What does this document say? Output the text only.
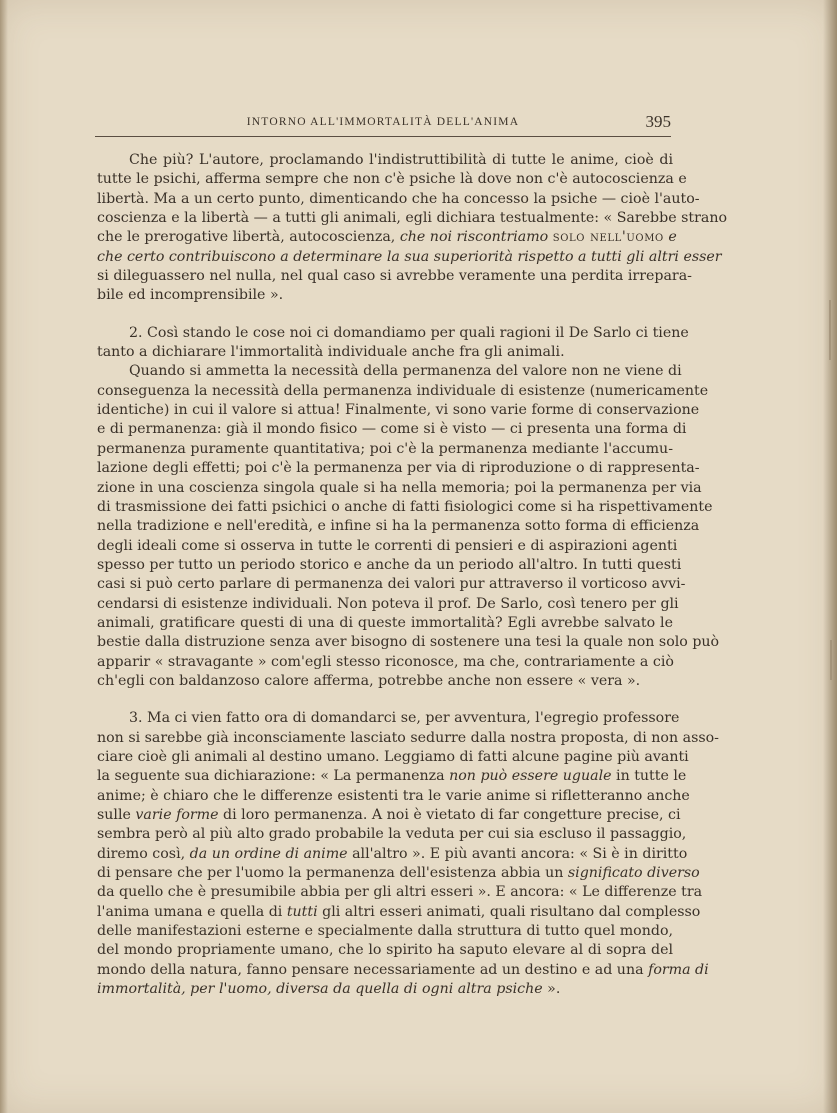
INTORNO ALL'IMMORTALITÀ DELL'ANIMA	395
Che più? L'autore, proclamando l'indistruttibilità di tutte le anime, cioè di
tutte le psichi, afferma sempre che non c'è psiche là dove non c'è autocoscienza e
libertà. Ma a un certo punto, dimenticando che ha concesso la psiche — cioè l'auto-
coscienza e la libertà — a tutti gli animali, egli dichiara testualmente: « Sarebbe strano
che le prerogative libertà, autocoscienza, che noi riscontriamo solo nell'uomo e
che certo contribuiscono a determinare la sua superiorità rispetto a tutti gli altri esser
si dileguassero nel nulla, nel qual caso si avrebbe veramente una perdita irrepara-
bile ed incomprensibile ».
2. Così stando le cose noi ci domandiamo per quali ragioni il De Sarlo ci tiene
tanto a dichiarare l'immortalità individuale anche fra gli animali.
Quando si ammetta la necessità della permanenza del valore non ne viene di
conseguenza la necessità della permanenza individuale di esistenze (numericamente
identiche) in cui il valore si attua! Finalmente, vi sono varie forme di conservazione
e di permanenza: già il mondo fisico — come si è visto — ci presenta una forma di
permanenza puramente quantitativa; poi c'è la permanenza mediante l'accumu-
lazione degli effetti; poi c'è la permanenza per via di riproduzione o di rappresenta-
zione in una coscienza singola quale si ha nella memoria; poi la permanenza per via
di trasmissione dei fatti psichici o anche di fatti fisiologici come si ha rispettivamente
nella tradizione e nell'eredità, e infine si ha la permanenza sotto forma di efficienza
degli ideali come si osserva in tutte le correnti di pensieri e di aspirazioni agenti
spesso per tutto un periodo storico e anche da un periodo all'altro. In tutti questi
casi si può certo parlare di permanenza dei valori pur attraverso il vorticoso avvi-
cendarsi di esistenze individuali. Non poteva il prof. De Sarlo, così tenero per gli
animali, gratificare questi di una di queste immortalità? Egli avrebbe salvato le
bestie dalla distruzione senza aver bisogno di sostenere una tesi la quale non solo può
apparir « stravagante » com'egli stesso riconosce, ma che, contrariamente a ciò
ch'egli con baldanzoso calore afferma, potrebbe anche non essere « vera ».
3. Ma ci vien fatto ora di domandarci se, per avventura, l'egregio professore
non si sarebbe già inconsciamente lasciato sedurre dalla nostra proposta, di non asso-
ciare cioè gli animali al destino umano. Leggiamo di fatti alcune pagine più avanti
la seguente sua dichiarazione: « La permanenza non può essere uguale in tutte le
anime; è chiaro che le differenze esistenti tra le varie anime si rifletteranno anche
sulle varie forme di loro permanenza. A noi è vietato di far congetture precise, ci
sembra però al più alto grado probabile la veduta per cui sia escluso il passaggio,
diremo così, da un ordine di anime all'altro ». E più avanti ancora: « Si è in diritto
di pensare che per l'uomo la permanenza dell'esistenza abbia un significato diverso
da quello che è presumibile abbia per gli altri esseri ». E ancora: « Le differenze tra
l'anima umana e quella di tutti gli altri esseri animati, quali risultano dal complesso
delle manifestazioni esterne e specialmente dalla struttura di tutto quel mondo,
del mondo propriamente umano, che lo spirito ha saputo elevare al di sopra del
mondo della natura, fanno pensare necessariamente ad un destino e ad una forma di
immortalità, per l'uomo, diversa da quella di ogni altra psiche ».
